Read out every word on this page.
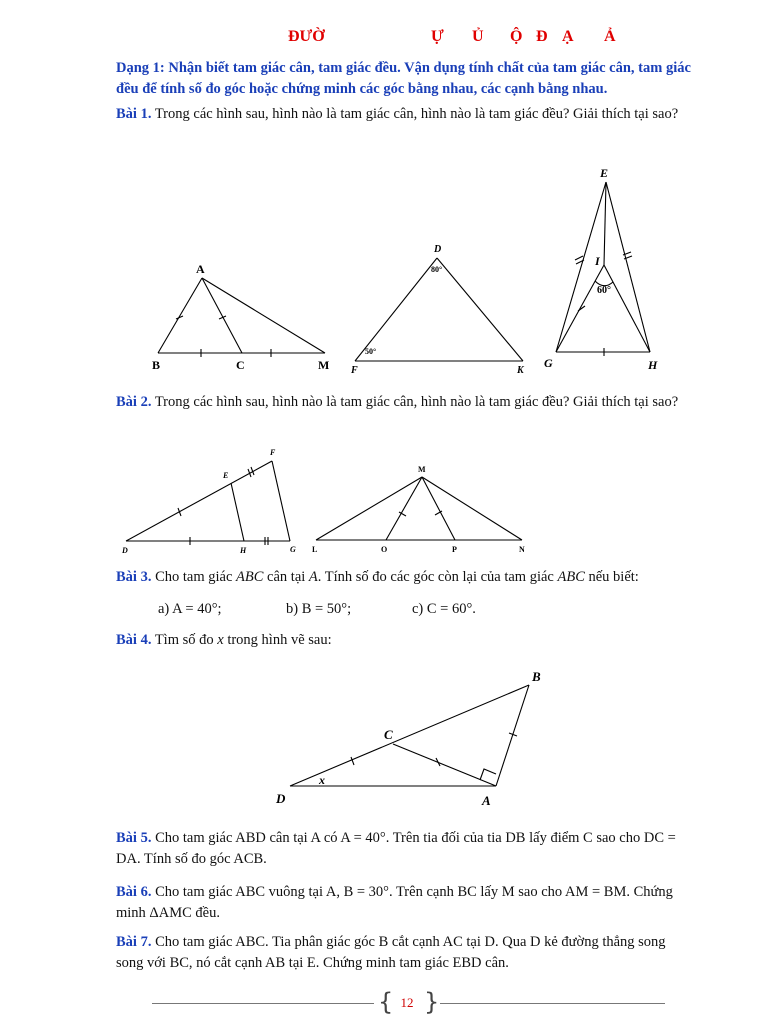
ĐƯỜ	Ự Ủ Ộ Đ Ạ Ả
Dạng 1: Nhận biết tam giác cân, tam giác đều. Vận dụng tính chất của tam giác cân, tam giác đều để tính số đo góc hoặc chứng minh các góc bằng nhau, các cạnh bằng nhau.
Bài 1. Trong các hình sau, hình nào là tam giác cân, hình nào là tam giác đều? Giải thích tại sao?
A
B	C	M
D
80°
50°
F	K
E
I
60°
G	H
Bài 2. Trong các hình sau, hình nào là tam giác cân, hình nào là tam giác đều? Giải thích tại sao?
F
E
D	H	G
M
L	O	P	N
Bài 3. Cho tam giác ABC cân tại A. Tính số đo các góc còn lại của tam giác ABC nếu biết:
a) A = 40°;	b) B = 50°;	c) C = 60°.
Bài 4. Tìm số đo x trong hình vẽ sau:
B
C
D	A
x
Bài 5. Cho tam giác ABD cân tại A có A = 40°. Trên tia đối của tia DB lấy điểm C sao cho DC = DA. Tính số đo góc ACB.
Bài 6. Cho tam giác ABC vuông tại A, B = 30°. Trên cạnh BC lấy M sao cho AM = BM. Chứng minh ΔAMC đều.
Bài 7. Cho tam giác ABC. Tia phân giác góc B cắt cạnh AC tại D. Qua D kẻ đường thẳng song song với BC, nó cắt cạnh AB tại E. Chứng minh tam giác EBD cân.
{ 12 }
